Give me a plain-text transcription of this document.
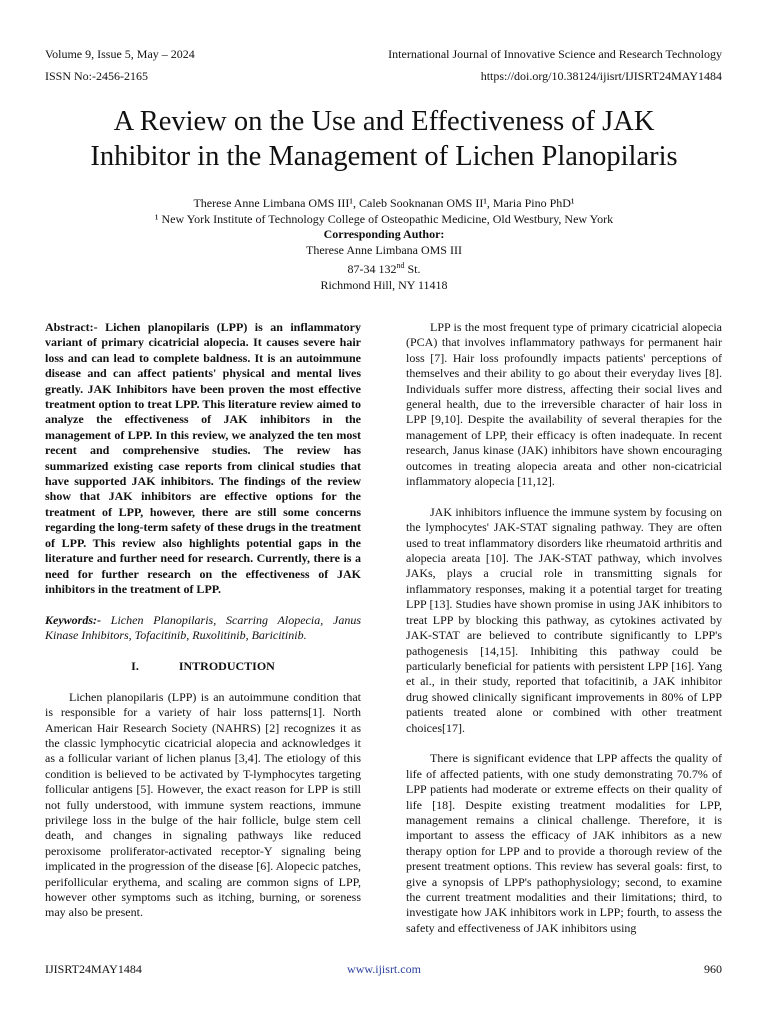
Volume 9, Issue 5, May – 2024
ISSN No:-2456-2165
International Journal of Innovative Science and Research Technology
https://doi.org/10.38124/ijisrt/IJISRT24MAY1484
A Review on the Use and Effectiveness of JAK
Inhibitor in the Management of Lichen Planopilaris
Therese Anne Limbana OMS III¹, Caleb Sooknanan OMS II¹, Maria Pino PhD¹
¹ New York Institute of Technology College of Osteopathic Medicine, Old Westbury, New York
Corresponding Author:
Therese Anne Limbana OMS III
87-34 132nd St.
Richmond Hill, NY 11418

Abstract:- Lichen planopilaris (LPP) is an inflammatory variant of primary cicatricial alopecia. It causes severe hair loss and can lead to complete baldness. It is an autoimmune disease and can affect patients' physical and mental lives greatly. JAK Inhibitors have been proven the most effective treatment option to treat LPP. This literature review aimed to analyze the effectiveness of JAK inhibitors in the management of LPP. In this review, we analyzed the ten most recent and comprehensive studies. The review has summarized existing case reports from clinical studies that have supported JAK inhibitors. The findings of the review show that JAK inhibitors are effective options for the treatment of LPP, however, there are still some concerns regarding the long-term safety of these drugs in the treatment of LPP. This review also highlights potential gaps in the literature and further need for research. Currently, there is a need for further research on the effectiveness of JAK inhibitors in the treatment of LPP.

Keywords:- Lichen Planopilaris, Scarring Alopecia, Janus Kinase Inhibitors, Tofacitinib, Ruxolitinib, Baricitinib.

I.	INTRODUCTION

Lichen planopilaris (LPP) is an autoimmune condition that is responsible for a variety of hair loss patterns[1]. North American Hair Research Society (NAHRS) [2] recognizes it as the classic lymphocytic cicatricial alopecia and acknowledges it as a follicular variant of lichen planus [3,4]. The etiology of this condition is believed to be activated by T-lymphocytes targeting follicular antigens [5]. However, the exact reason for LPP is still not fully understood, with immune system reactions, immune privilege loss in the bulge of the hair follicle, bulge stem cell death, and changes in signaling pathways like reduced peroxisome proliferator-activated receptor-Υ signaling being implicated in the progression of the disease [6]. Alopecic patches, perifollicular erythema, and scaling are common signs of LPP, however other symptoms such as itching, burning, or soreness may also be present.

LPP is the most frequent type of primary cicatricial alopecia (PCA) that involves inflammatory pathways for permanent hair loss [7]. Hair loss profoundly impacts patients' perceptions of themselves and their ability to go about their everyday lives [8]. Individuals suffer more distress, affecting their social lives and general health, due to the irreversible character of hair loss in LPP [9,10]. Despite the availability of several therapies for the management of LPP, their efficacy is often inadequate. In recent research, Janus kinase (JAK) inhibitors have shown encouraging outcomes in treating alopecia areata and other non-cicatricial inflammatory alopecia [11,12].

JAK inhibitors influence the immune system by focusing on the lymphocytes' JAK-STAT signaling pathway. They are often used to treat inflammatory disorders like rheumatoid arthritis and alopecia areata [10]. The JAK-STAT pathway, which involves JAKs, plays a crucial role in transmitting signals for inflammatory responses, making it a potential target for treating LPP [13]. Studies have shown promise in using JAK inhibitors to treat LPP by blocking this pathway, as cytokines activated by JAK-STAT are believed to contribute significantly to LPP's pathogenesis [14,15]. Inhibiting this pathway could be particularly beneficial for patients with persistent LPP [16]. Yang et al., in their study, reported that tofacitinib, a JAK inhibitor drug showed clinically significant improvements in 80% of LPP patients treated alone or combined with other treatment choices[17].

There is significant evidence that LPP affects the quality of life of affected patients, with one study demonstrating 70.7% of LPP patients had moderate or extreme effects on their quality of life [18]. Despite existing treatment modalities for LPP, management remains a clinical challenge. Therefore, it is important to assess the efficacy of JAK inhibitors as a new therapy option for LPP and to provide a thorough review of the present treatment options. This review has several goals: first, to give a synopsis of LPP's pathophysiology; second, to examine the current treatment modalities and their limitations; third, to investigate how JAK inhibitors work in LPP; fourth, to assess the safety and effectiveness of JAK inhibitors using

IJISRT24MAY1484	www.ijisrt.com	960
